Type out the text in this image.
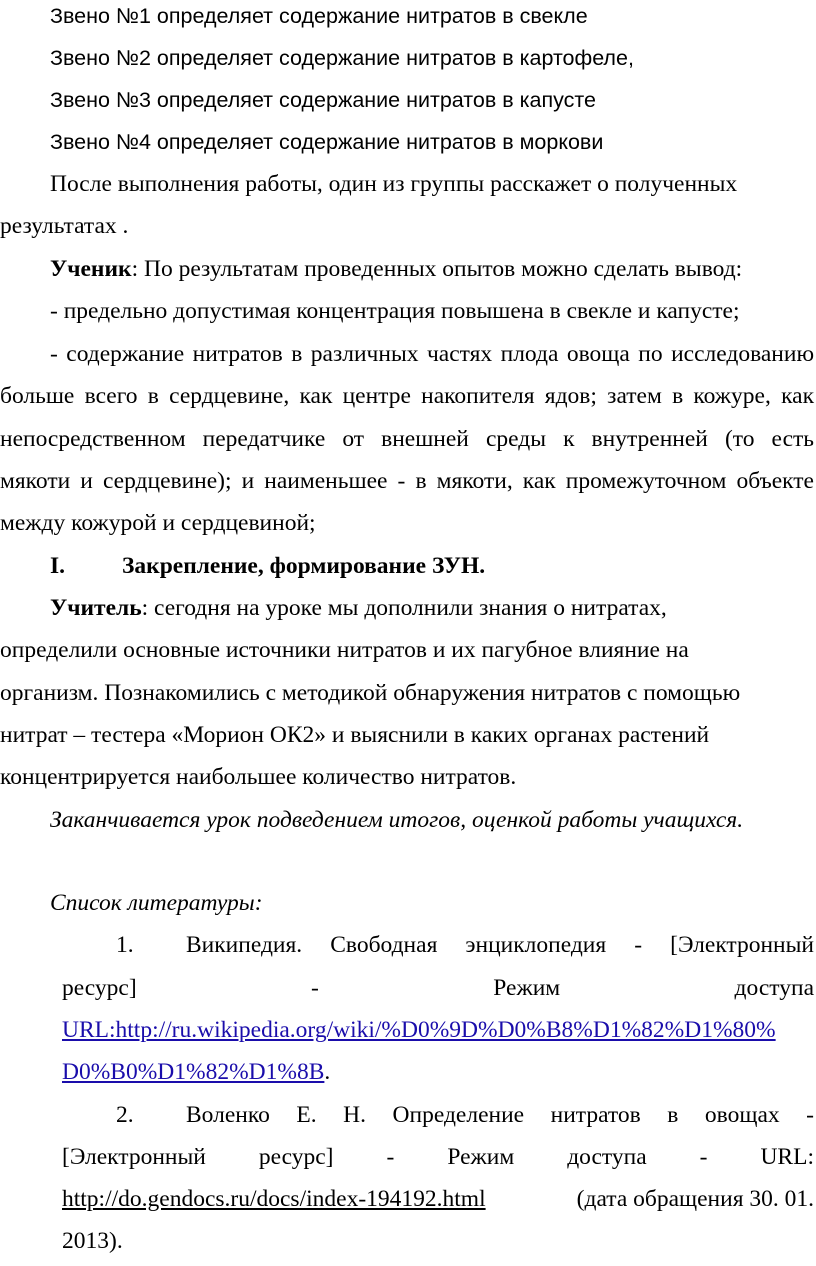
Звено №1 определяет содержание нитратов в свекле
Звено №2 определяет содержание нитратов в картофеле,
Звено №3 определяет содержание нитратов в капусте
Звено №4 определяет содержание нитратов в моркови
После выполнения работы, один из группы расскажет о полученных
результатах .
Ученик: По результатам проведенных опытов можно сделать вывод:
- предельно допустимая концентрация повышена в свекле и капусте;
- содержание нитратов в различных частях плода овоща по исследованию
больше всего в сердцевине, как центре накопителя ядов; затем в кожуре, как
непосредственном передатчике от внешней среды к внутренней (то есть
мякоти и сердцевине); и наименьшее - в мякоти, как промежуточном объекте
между кожурой и сердцевиной;
I. Закрепление, формирование ЗУН.
Учитель: сегодня на уроке мы дополнили знания о нитратах,
определили основные источники нитратов и их пагубное влияние на
организм. Познакомились с методикой обнаружения нитратов с помощью
нитрат – тестера «Морион ОК2» и выяснили в каких органах растений
концентрируется наибольшее количество нитратов.
Заканчивается урок подведением итогов, оценкой работы учащихся.
Список литературы:
1. Википедия. Свободная энциклопедия - [Электронный
ресурс] - Режим доступа
URL:http://ru.wikipedia.org/wiki/%D0%9D%D0%B8%D1%82%D1%80%
D0%B0%D1%82%D1%8B.
2. Воленко Е. Н. Определение нитратов в овощах -
[Электронный ресурс] - Режим доступа - URL:
http://do.gendocs.ru/docs/index-194192.html	(дата обращения 30. 01.
2013).
